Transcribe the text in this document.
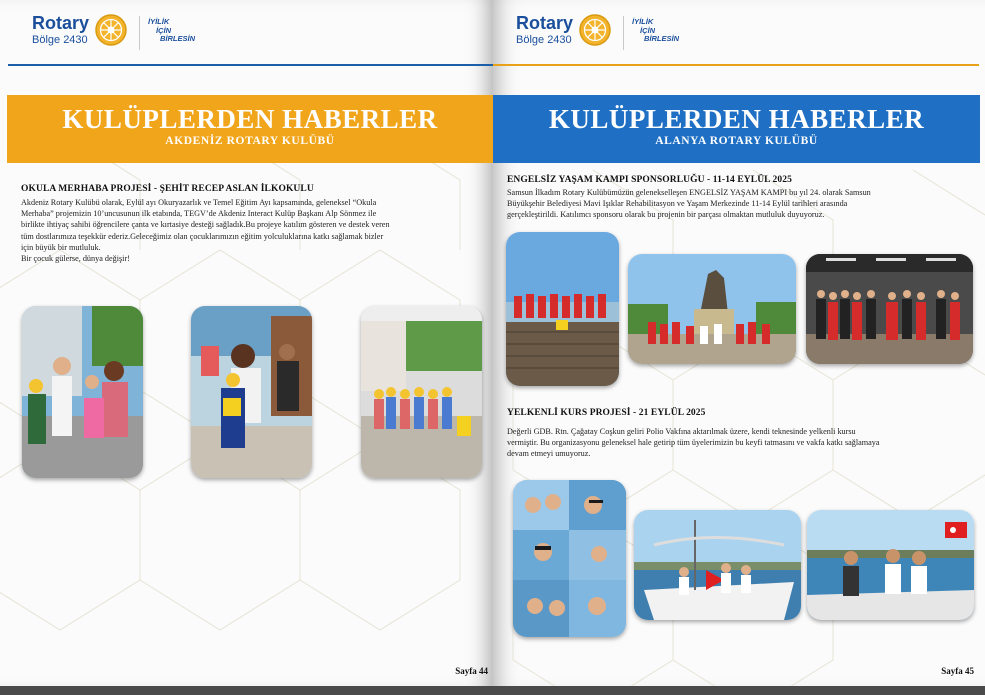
Rotary
Bölge 2430
İYİLİK
İÇİN
BİRLESİN
KULÜPLERDEN HABERLER
AKDENİZ ROTARY KULÜBÜ
OKULA MERHABA PROJESİ - ŞEHİT RECEP ASLAN İLKOKULU
Akdeniz Rotary Kulübü olarak, Eylül ayı Okuryazarlık ve Temel Eğitim Ayı kapsamında, geleneksel “Okula
Merhaba” projemizin 10’uncusunun ilk etabında, TEGV’de Akdeniz Interact Kulüp Başkanı Alp Sönmez ile
birlikte ihtiyaç sahibi öğrencilere çanta ve kırtasiye desteği sağladık.Bu projeye katılım gösteren ve destek veren
tüm dostlarımıza teşekkür ederiz.Geleceğimiz olan çocuklarımızın eğitim yolculuklarına katkı sağlamak bizler
için büyük bir mutluluk.
Bir çocuk gülerse, dünya değişir!
Sayfa 44
Rotary
Bölge 2430
İYİLİK
İÇİN
BİRLESİN
KULÜPLERDEN HABERLER
ALANYA ROTARY KULÜBÜ
ENGELSİZ YAŞAM KAMPI SPONSORLUĞU - 11-14 EYLÜL 2025
Samsun İlkadım Rotary Kulübümüzün gelenekselleşen ENGELSİZ YAŞAM KAMPI bu yıl 24. olarak Samsun
Büyükşehir Belediyesi Mavi Işıklar Rehabilitasyon ve Yaşam Merkezinde 11-14 Eylül tarihleri arasında
gerçekleştirildi. Katılımcı sponsoru olarak bu projenin bir parçası olmaktan mutluluk duyuyoruz.
YELKENLİ KURS PROJESİ - 21 EYLÜL 2025
Değerli GDB. Rtn. Çağatay Coşkun geliri Polio Vakfına aktarılmak üzere, kendi teknesinde yelkenli kursu
vermiştir. Bu organizasyonu geleneksel hale getirip tüm üyelerimizin bu keyfi tatmasını ve vakfa katkı sağlamaya
devam etmeyi umuyoruz.
Sayfa 45
